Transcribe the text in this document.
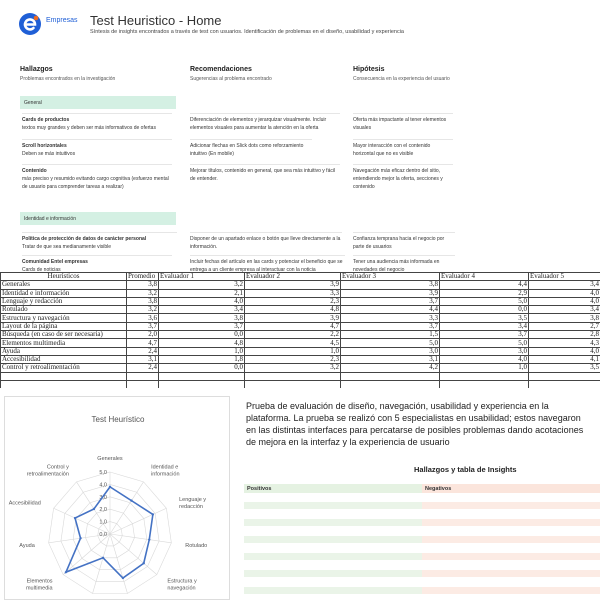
Empresas Test Heuristico - Home
Síntesis de insights encontrados a través de test con usuarios. Identificación de problemas en el diseño, usabilidad y experiencia
Hallazgos
Problemas encontrados en la investigación
Recomendaciones
Sugerencias al problema encontrado
Hipótesis
Consecuencia en la experiencia del usuario
General
Cards de productos
textos muy grandes y deben ser más informativos de ofertas
Diferenciación de elementos y jerarquizar visualmente. Incluir elementos visuales para aumentar la atención en la oferta
Oferta más impactante al tener elementos visuales
Scroll horizontales
Deben se más intuitivos
Adicionar flechas en Slick dots como reforzamiento intuitivo (En mobile)
Mayor interacción con el contenido horizontal que no es visible
Contenido
más preciso y resumido evitando cargo cognitiva (esfuerzo mental de usuario para comprender tareas a realizar)
Mejorar títulos, contenido en general, que sea más intuitivo y fácil de entender.
Navegación más eficaz dentro del sitio, entendiendo mejor la oferta, secciones y contenido
Identidad e información
Política de protección de datos de carácter personal
Tratar de que sea medianamente visible
Disponer de un apartado enlace o botón que lleve directamente a la información.
Confianza temprana hacia el negocio por parte de usuarios
Comunidad Entel empresas
Cards de noticias
Incluir fechas del artículo en las cards y potenciar el beneficio que se entrega a un cliente empresa al interactuar con la noticia
Tener una audiencia más informada en novedades del negocio
Heurísticos	Promedio	Evaluador 1	Evaluador 2	Evaluador 3	Evaluador 4	Evaluador 5
Generales	3,8	3,2	3,9	3,8	4,4	3,4
Identidad e información	3,2	2,1	3,3	3,9	2,9	4,0
Lenguaje y redacción	3,8	4,0	2,3	3,7	5,0	4,0
Rotulado	3,2	3,4	4,8	4,4	0,0	3,4
Estructura y navegación	3,6	3,8	3,9	3,3	3,5	3,8
Layout de la página	3,7	3,7	4,7	3,7	3,4	2,7
Búsqueda (en caso de ser necesaria)	2,0	0,0	2,2	1,5	3,7	2,8
Elementos multimedia	4,7	4,8	4,5	5,0	5,0	4,3
Ayuda	2,4	1,0	1,0	3,0	3,0	4,0
Accesibilidad	3,1	1,8	2,3	3,1	4,0	4,1
Control y retroalimentación	2,4	0,0	3,2	4,2	1,0	3,5

Test Heurístico
0,0
1,0
2,0
3,0
4,0
5,0
Generales
Identidad e información
Lenguaje y redacción
Rotulado
Estructura y navegación
Elementos multimedia
Ayuda
Accesibilidad
Control y retroalimentación
Prueba de evaluación de diseño, navegación, usabilidad y experiencia en la plataforma. La prueba se realizó con 5 especialistas en usabilidad; estos navegaron en las distintas interfaces para percatarse de posibles problemas dando acotaciones de mejora en la interfaz y la experiencia de usuario
Hallazgos y tabla de Insights
Positivos	Negativos
